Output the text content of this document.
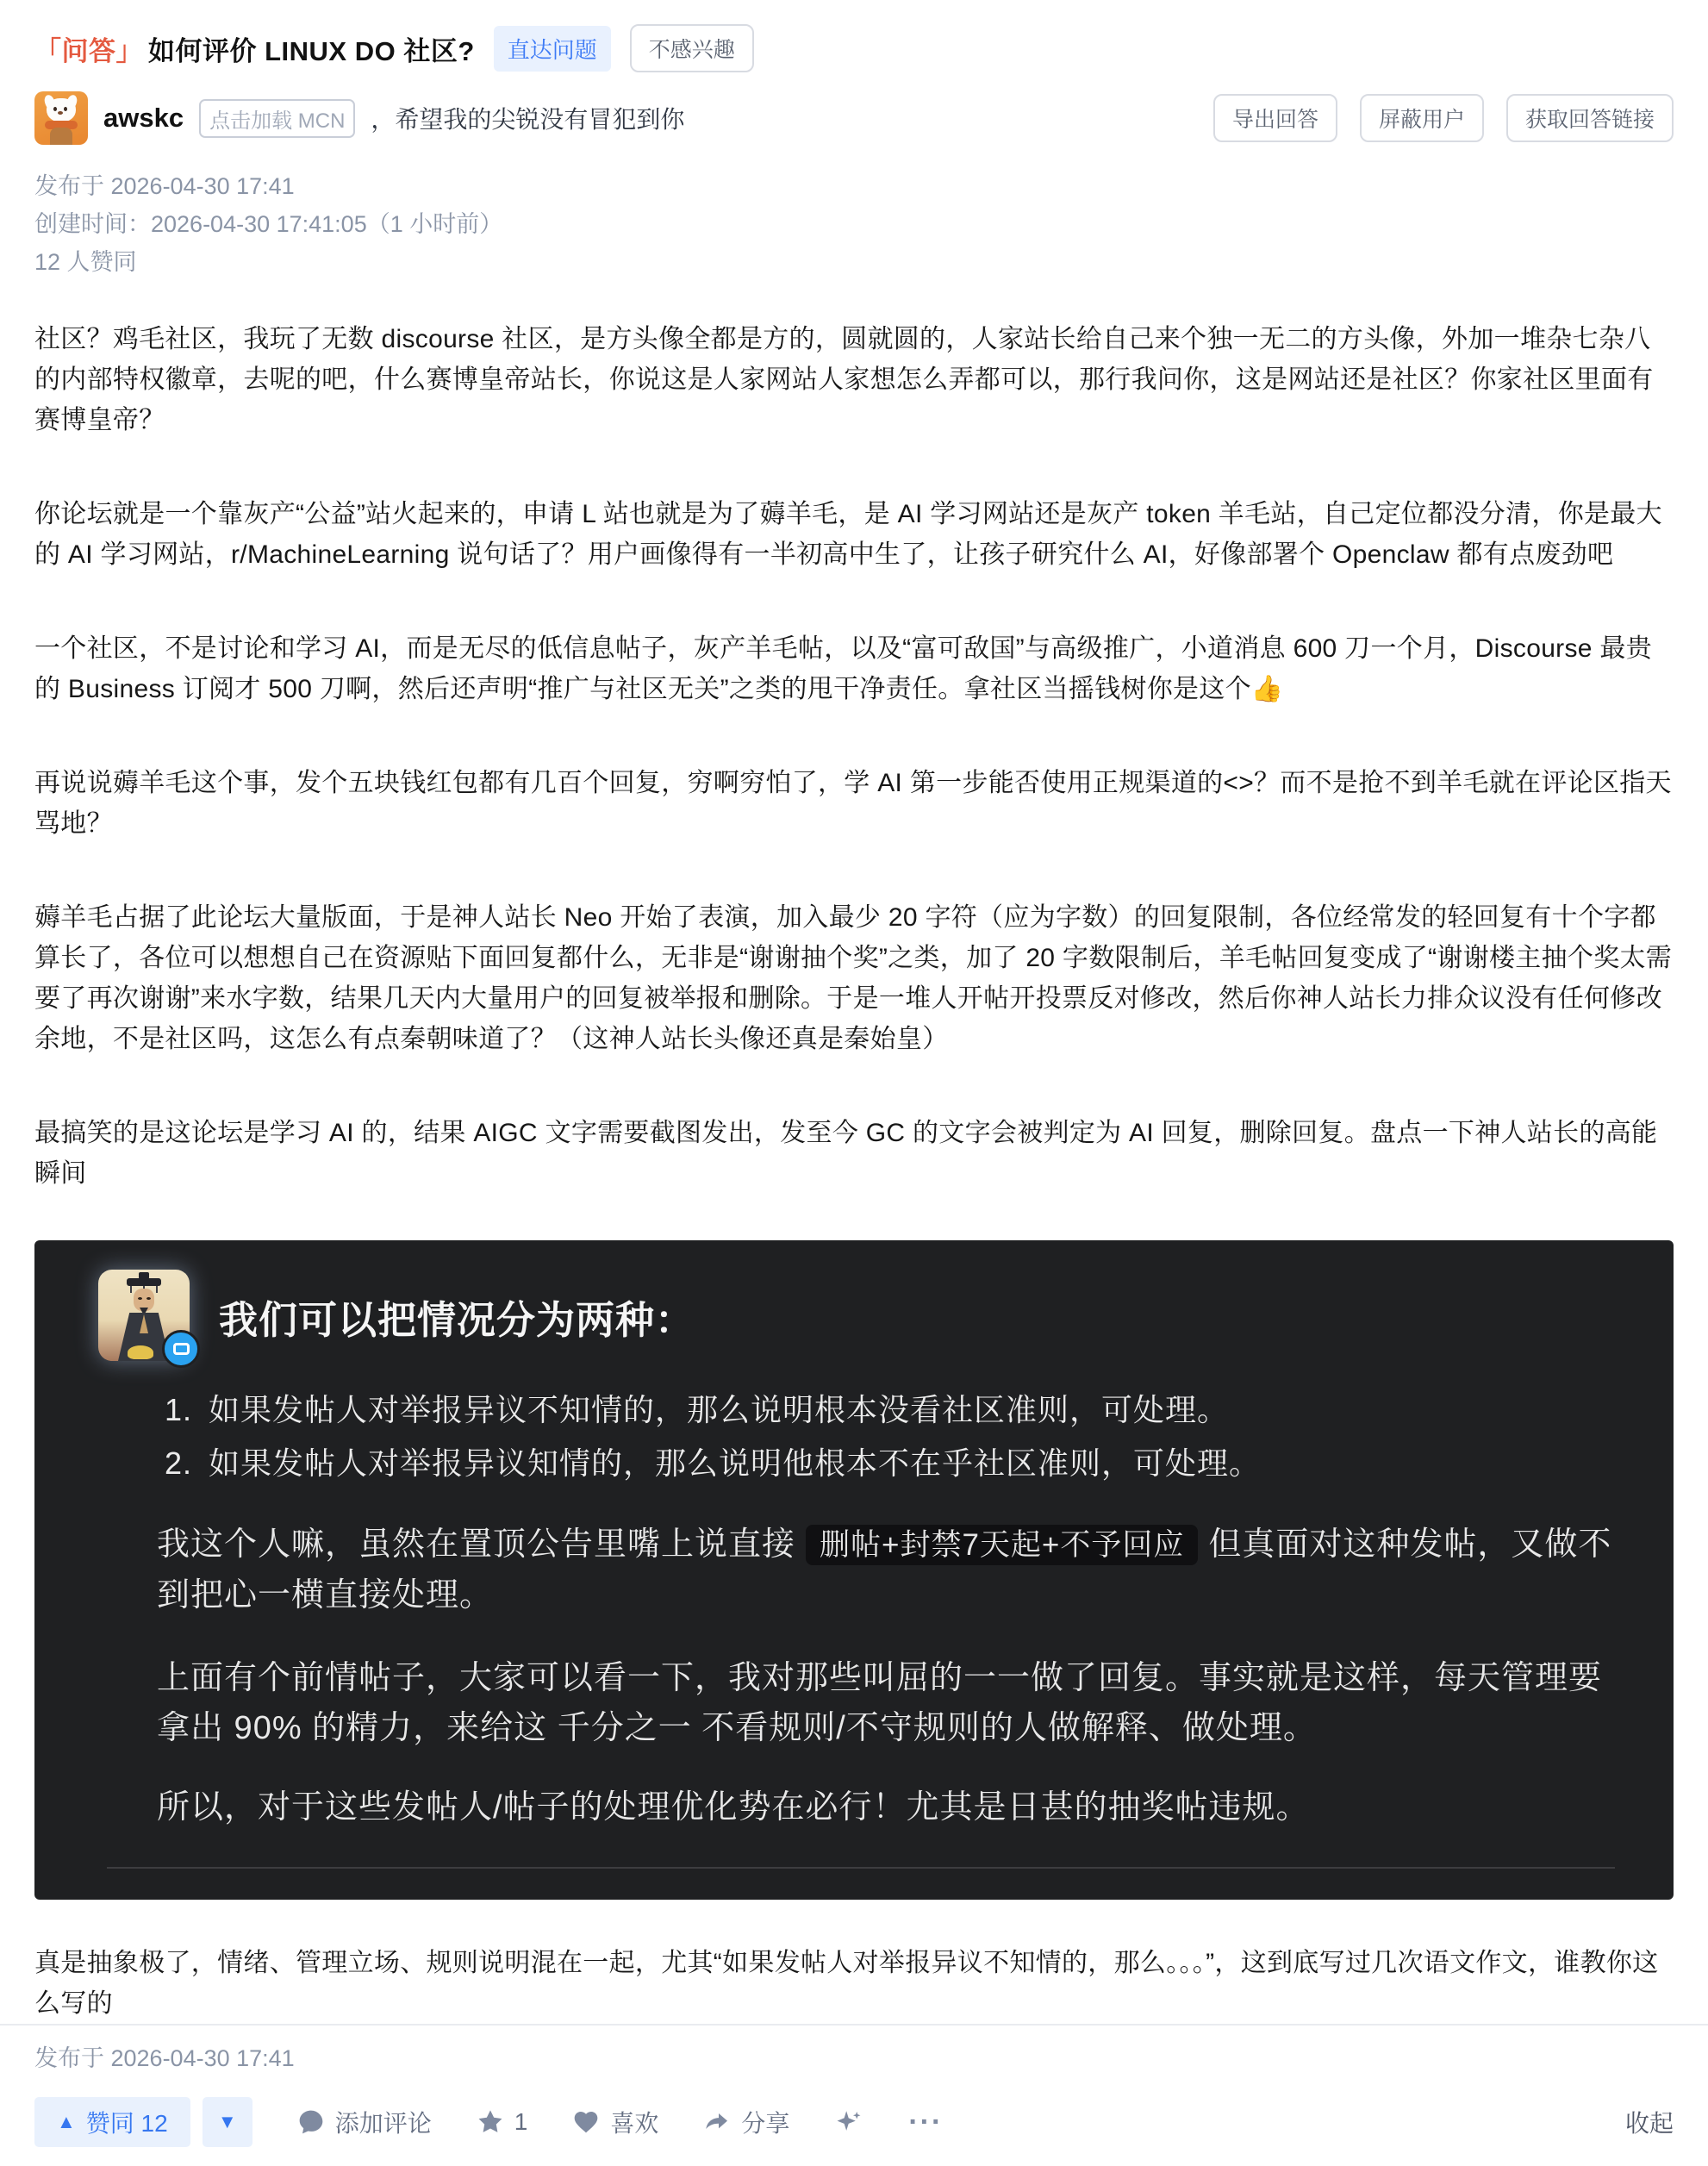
「问答」 如何评价 LINUX DO 社区?	直达问题	不感兴趣
awskc	点击加载 MCN	，希望我的尖锐没有冒犯到你	导出回答	屏蔽用户	获取回答链接
发布于 2026-04-30 17:41
创建时间：2026-04-30 17:41:05（1 小时前）
12 人赞同

社区？鸡毛社区，我玩了无数 discourse 社区，是方头像全都是方的，圆就圆的，人家站长给自己来个独一无二的方头像，外加一堆杂七杂八的内部特权徽章，去呢的吧，什么赛博皇帝站长，你说这是人家网站人家想怎么弄都可以，那行我问你，这是网站还是社区？你家社区里面有赛博皇帝？

你论坛就是一个靠灰产“公益”站火起来的，申请 L 站也就是为了薅羊毛，是 AI 学习网站还是灰产 token 羊毛站，自己定位都没分清，你是最大的 AI 学习网站，r/MachineLearning 说句话了？用户画像得有一半初高中生了，让孩子研究什么 AI，好像部署个 Openclaw 都有点废劲吧

一个社区，不是讨论和学习 AI，而是无尽的低信息帖子，灰产羊毛帖，以及“富可敌国”与高级推广，小道消息 600 刀一个月，Discourse 最贵的 Business 订阅才 500 刀啊，然后还声明“推广与社区无关”之类的甩干净责任。拿社区当摇钱树你是这个👍

再说说薅羊毛这个事，发个五块钱红包都有几百个回复，穷啊穷怕了，学 AI 第一步能否使用正规渠道的<>？而不是抢不到羊毛就在评论区指天骂地？

薅羊毛占据了此论坛大量版面，于是神人站长 Neo 开始了表演，加入最少 20 字符（应为字数）的回复限制，各位经常发的轻回复有十个字都算长了，各位可以想想自己在资源贴下面回复都什么，无非是“谢谢抽个奖”之类，加了 20 字数限制后，羊毛帖回复变成了“谢谢楼主抽个奖太需要了再次谢谢”来水字数，结果几天内大量用户的回复被举报和删除。于是一堆人开帖开投票反对修改，然后你神人站长力排众议没有任何修改余地，不是社区吗，这怎么有点秦朝味道了？（这神人站长头像还真是秦始皇）

最搞笑的是这论坛是学习 AI 的，结果 AIGC 文字需要截图发出，发至今 GC 的文字会被判定为 AI 回复，删除回复。盘点一下神人站长的高能瞬间

我们可以把情况分为两种：
1. 如果发帖人对举报异议不知情的，那么说明根本没看社区准则，可处理。
2. 如果发帖人对举报异议知情的，那么说明他根本不在乎社区准则，可处理。

我这个人嘛，虽然在置顶公告里嘴上说直接 删帖+封禁7天起+不予回应 但真面对这种发帖，又做不到把心一横直接处理。

上面有个前情帖子，大家可以看一下，我对那些叫屈的一一做了回复。事实就是这样，每天管理要拿出 90% 的精力，来给这 千分之一 不看规则/不守规则的人做解释、做处理。

所以，对于这些发帖人/帖子的处理优化势在必行！尤其是日甚的抽奖帖违规。

真是抽象极了，情绪、管理立场、规则说明混在一起，尤其“如果发帖人对举报异议不知情的，那么。。。”，这到底写过几次语文作文，谁教你这么写的

发布于 2026-04-30 17:41
▲ 赞同 12	▼	添加评论	1	喜欢	分享	···	收起
